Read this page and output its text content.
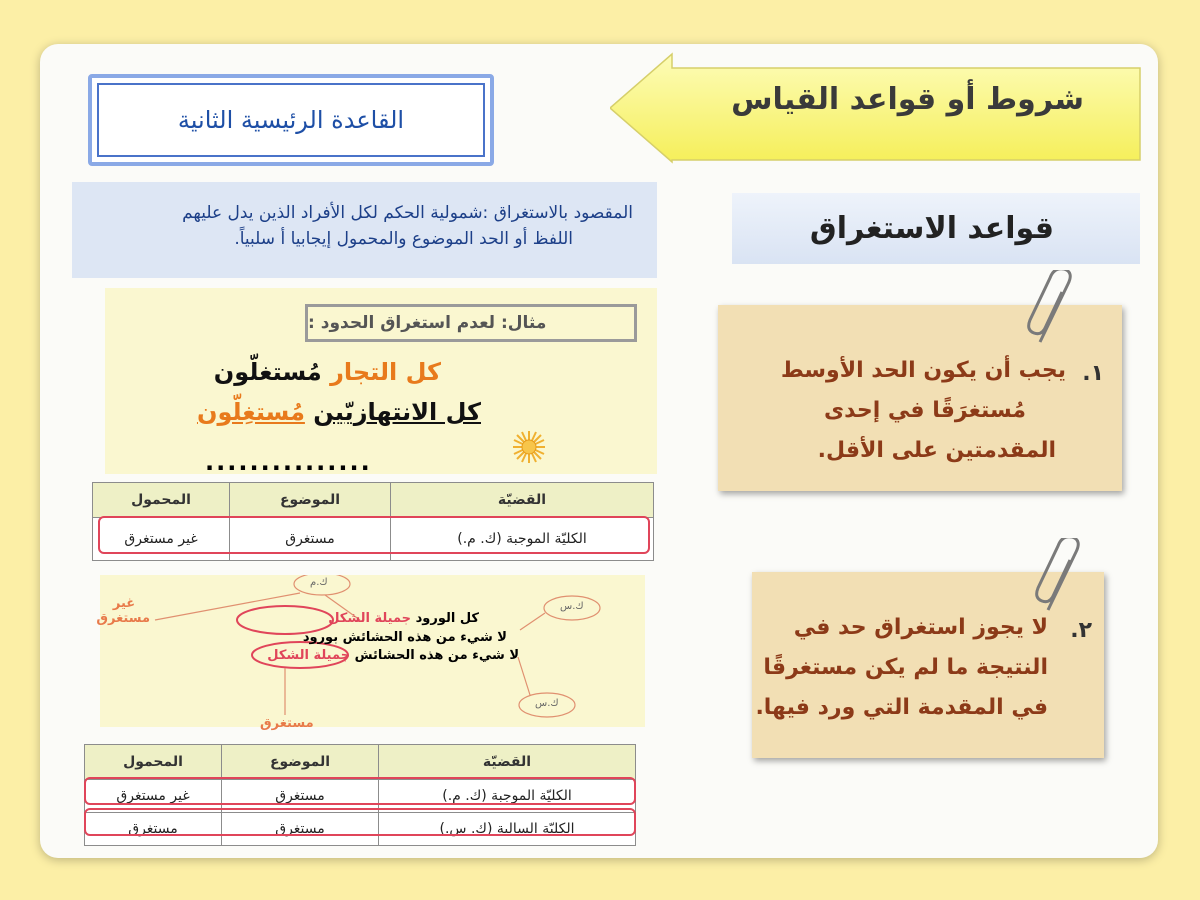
شروط أو قواعد القياس
القاعدة الرئيسية الثانية
المقصود بالاستغراق :شمولية الحكم لكل الأفراد الذين يدل عليهم
اللفظ أو الحد الموضوع والمحمول إيجابيا أ سلبياً.	قواعد الاستغراق
مثال: لعدم استغراق الحدود :
كل التجار مُستغلّون
كل الانتهازيّين مُستغِلّون
...............
القضيّة	الموضوع	المحمول
الكليّة الموجبة (ك. م.)	مستغرق	غير مستغرق
ك.م
ك.س
ك.س
كل الورود جميلة الشكل
لا شيء من هذه الحشائش بورود
لا شيء من هذه الحشائش جميلة الشكل
غير
مستغرق
مستغرق
القضيّة	الموضوع	المحمول
الكليّة الموجبة (ك. م.)	مستغرق	غير مستغرق
الكليّة السالبة (ك. س.)	مستغرق	مستغرق
١.
يجب أن يكون الحد الأوسط
مُستغرَقًا في إحدى
المقدمتين على الأقل.
٢.
لا يجوز استغراق حد في
النتيجة ما لم يكن مستغرقًا
في المقدمة التي ورد فيها.
